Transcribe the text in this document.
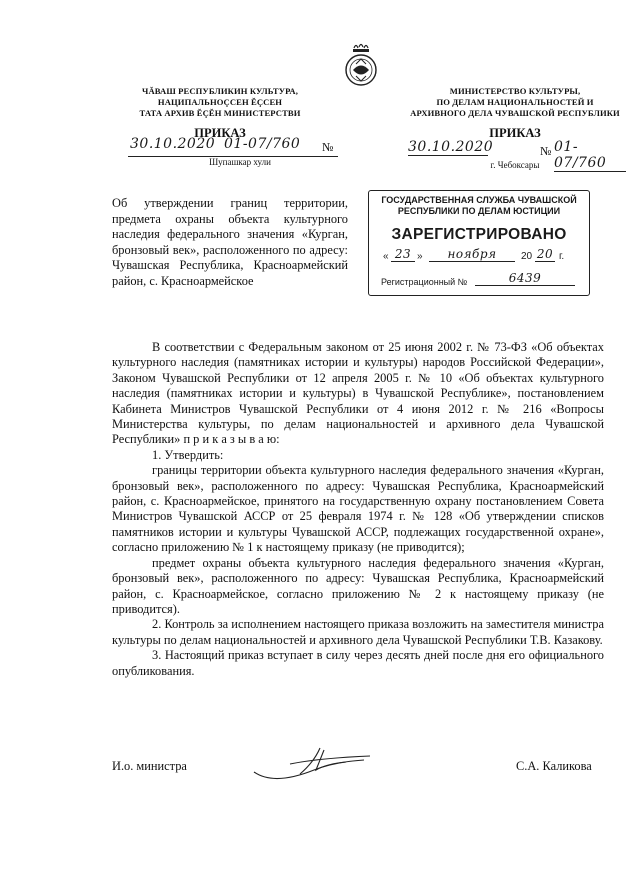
ЧĂВАШ РЕСПУБЛИКИН КУЛЬТУРА,
НАЦИПАЛЬНОÇСЕН ĔÇСЕН
ТАТА АРХИВ ĔÇĔН МИНИСТЕРСТВИ
ПРИКАЗ
30.10.2020 01-07/760 №
Шупашкар хули
МИНИСТЕРСТВО КУЛЬТУРЫ,
ПО ДЕЛАМ НАЦИОНАЛЬНОСТЕЙ И
АРХИВНОГО ДЕЛА ЧУВАШСКОЙ РЕСПУБЛИКИ
ПРИКАЗ
30.10.2020	№ 01-07/760
г. Чебоксары
Об утверждении границ территории, предмета охраны объекта культурного наследия федерального значения «Курган, бронзовый век», расположенного по адресу: Чувашская Республика, Красноармейский район, с. Красноармейское
ГОСУДАРСТВЕННАЯ СЛУЖБА ЧУВАШСКОЙ
РЕСПУБЛИКИ ПО ДЕЛАМ ЮСТИЦИИ
ЗАРЕГИСТРИРОВАНО
« 23 »	ноября	20 20 г.
Регистрационный №	6439

В соответствии с Федеральным законом от 25 июня 2002 г. № 73-ФЗ «Об объектах культурного наследия (памятниках истории и культуры) народов Российской Федерации», Законом Чувашской Республики от 12 апреля 2005 г. № 10 «Об объектах культурного наследия (памятниках истории и культуры) в Чувашской Республике», постановлением Кабинета Министров Чувашской Республики от 4 июня 2012 г. № 216 «Вопросы Министерства культуры, по делам национальностей и архивного дела Чувашской Республики» п р и к а з ы в а ю:

1. Утвердить:

границы территории объекта культурного наследия федерального значения «Курган, бронзовый век», расположенного по адресу: Чувашская Республика, Красноармейский район, с. Красноармейское, принятого на государственную охрану постановлением Совета Министров Чувашской АССР от 25 февраля 1974 г. № 128 «Об утверждении списков памятников истории и культуры Чувашской АССР, подлежащих государственной охране», согласно приложению № 1 к настоящему приказу (не приводится);

предмет охраны объекта культурного наследия федерального значения «Курган, бронзовый век», расположенного по адресу: Чувашская Республика, Красноармейский район, с. Красноармейское, согласно приложению № 2 к настоящему приказу (не приводится).

2. Контроль за исполнением настоящего приказа возложить на заместителя министра культуры по делам национальностей и архивного дела Чувашской Республики Т.В. Казакову.

3. Настоящий приказ вступает в силу через десять дней после дня его официального опубликования.

И.о. министра	С.А. Каликова
